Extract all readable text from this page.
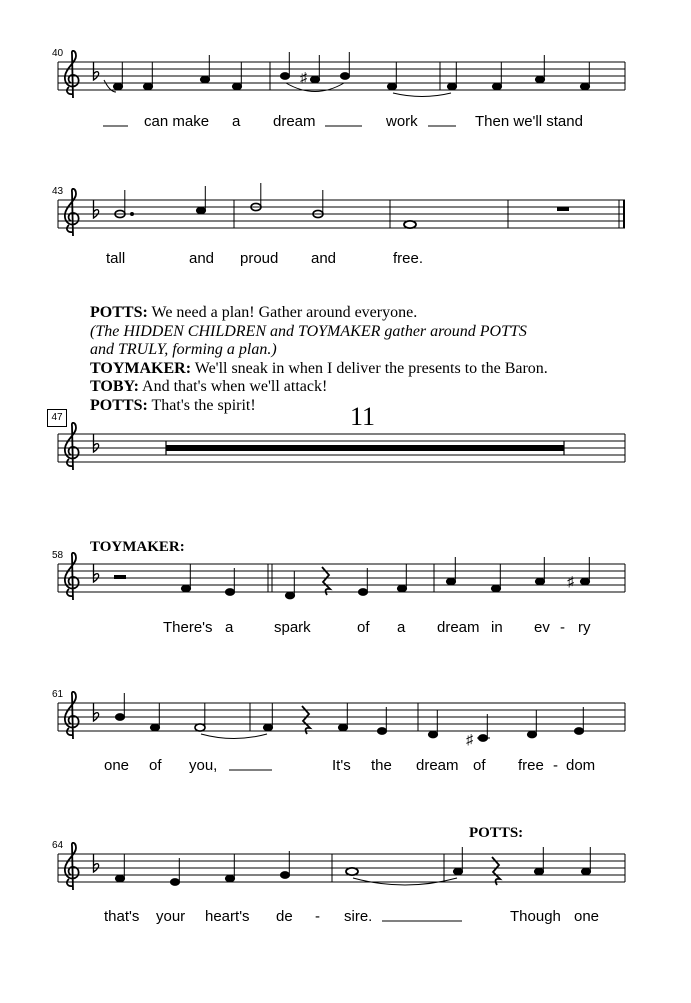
40
♯
can make a dream	work	Then we'll stand
43
tall	and proud and	free.
58
TOYMAKER:
♯
There's a	spark	of a dream in ev - ry
61
♯
one of you,	It's the dream of free - dom
64
POTTS:
that's your heart's de - sire.	Though one
POTTS: We need a plan! Gather around everyone.
(The HIDDEN CHILDREN and TOYMAKER gather around POTTS
and TRULY, forming a plan.)
TOYMAKER: We'll sneak in when I deliver the presents to the Baron.
TOBY: And that's when we'll attack!
POTTS: That's the spirit!
47	11
